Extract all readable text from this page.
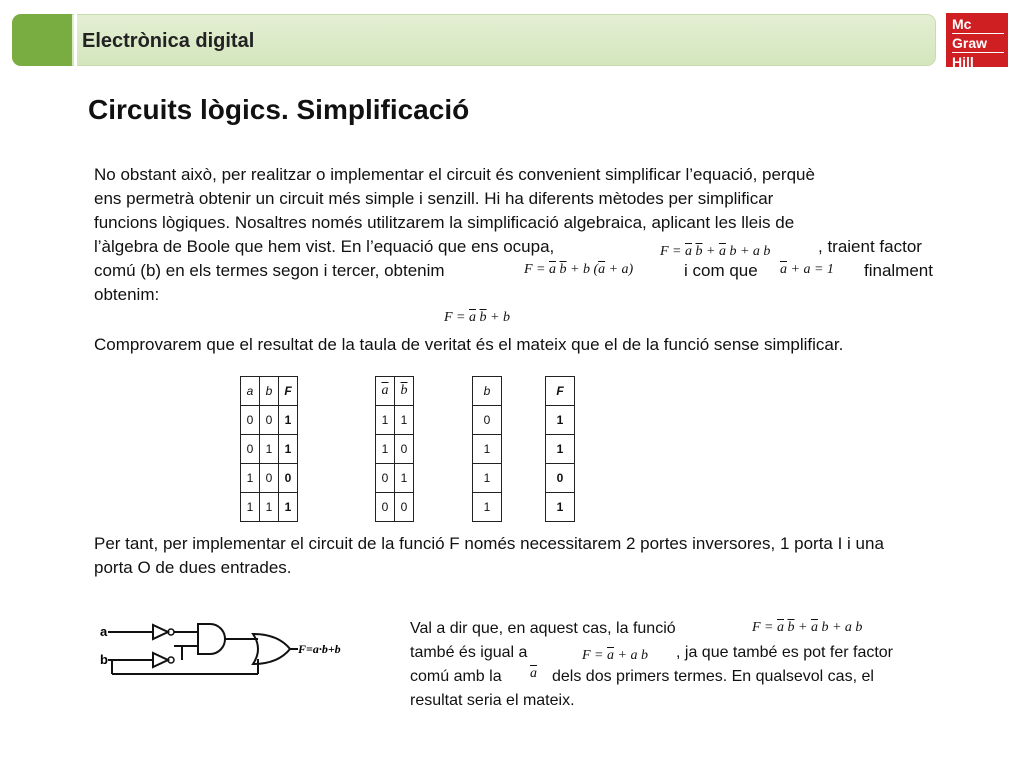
Electrònica digital
Mc
Graw
Hill
Circuits lògics. Simplificació
No obstant això, per realitzar o implementar el circuit és convenient simplificar l’equació, perquè
ens permetrà obtenir un circuit més simple i senzill. Hi ha diferents mètodes per simplificar
funcions lògiques. Nosaltres només utilitzarem la simplificació algebraica, aplicant les lleis de
l’àlgebra de Boole que hem vist. En l’equació que ens ocupa,	$F = \overline{a}$ $\overline{b} + \overline{a}$ b + a b	, traient factor
comú (b) en els termes segon i tercer, obtenim	$F = \overline{a}$ $\overline{b} + b$ $(\overline{a} + a)$	i com que $\overline{a} + a = 1$ finalment
obtenim:
$F = \overline{a}$ $\overline{b} + b$
Comprovarem que el resultat de la taula de veritat és el mateix que el de la funció sense simplificar.
a	b	F
0	0	1
0	1	1
1	0	0
1	1	1
$\overline{a}$	$\overline{b}$
1	1
1	0
0	1
0	0
b
0
1
1
1
F
1
1
0
1
Per tant, per implementar el circuit de la funció F només necessitarem 2 portes inversores, 1 porta I i una porta O de dues entrades.
a
b
F=a·b+b
Val a dir que, en aquest cas, la funció	$F = \overline{a}$ $\overline{b} + \overline{a}$ b + a b
també és igual a	$F = \overline{a} + a$ b , ja que també es pot fer factor
comú amb la $\overline{a}$ dels dos primers termes. En qualsevol cas, el
resultat seria el mateix.
